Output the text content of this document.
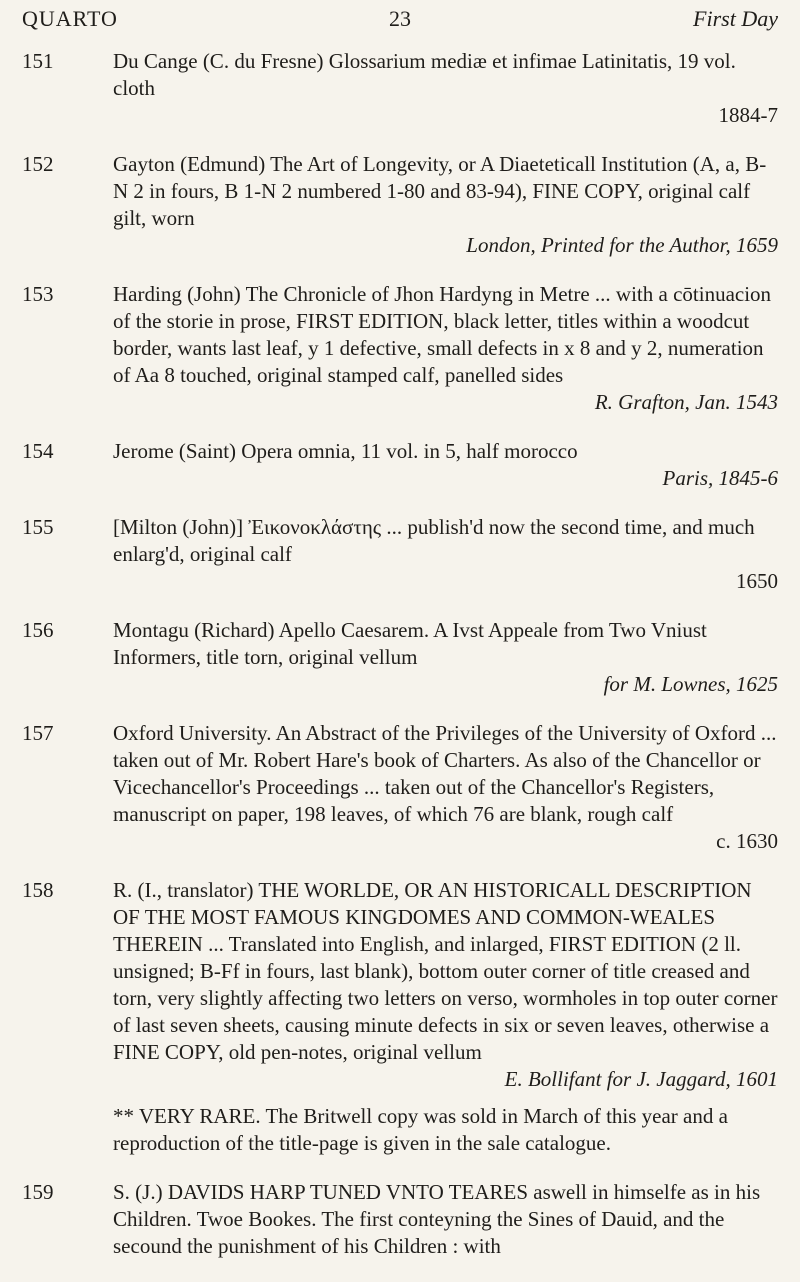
QUARTO	23	First Day
151	Du Cange (C. du Fresne) Glossarium mediæ et infimae Latinitatis, 19 vol. cloth
1884-7
152	Gayton (Edmund) The Art of Longevity, or A Diaeteticall Institution (A, a, B-N 2 in fours, B 1-N 2 numbered 1-80 and 83-94), FINE COPY, original calf gilt, worn
London, Printed for the Author, 1659
153	Harding (John) The Chronicle of Jhon Hardyng in Metre ... with a cōtinuacion of the storie in prose, FIRST EDITION, black letter, titles within a woodcut border, wants last leaf, y 1 defective, small defects in x 8 and y 2, numeration of Aa 8 touched, original stamped calf, panelled sides
R. Grafton, Jan. 1543
154	Jerome (Saint) Opera omnia, 11 vol. in 5, half morocco
Paris, 1845-6
155	[Milton (John)] Ἐικονοκλάστης ... publish'd now the second time, and much enlarg'd, original calf
1650
156	Montagu (Richard) Apello Caesarem. A Ivst Appeale from Two Vniust Informers, title torn, original vellum
for M. Lownes, 1625
157	Oxford University. An Abstract of the Privileges of the University of Oxford ... taken out of Mr. Robert Hare's book of Charters. As also of the Chancellor or Vicechancellor's Proceedings ... taken out of the Chancellor's Registers, manuscript on paper, 198 leaves, of which 76 are blank, rough calf
c. 1630
158	R. (I., translator) THE WORLDE, OR AN HISTORICALL DESCRIPTION OF THE MOST FAMOUS KINGDOMES AND COMMON-WEALES THEREIN ... Translated into English, and inlarged, FIRST EDITION (2 ll. unsigned; B-Ff in fours, last blank), bottom outer corner of title creased and torn, very slightly affecting two letters on verso, wormholes in top outer corner of last seven sheets, causing minute defects in six or seven leaves, otherwise a FINE COPY, old pen-notes, original vellum
E. Bollifant for J. Jaggard, 1601
** VERY RARE. The Britwell copy was sold in March of this year and a reproduction of the title-page is given in the sale catalogue.
159	S. (J.) DAVIDS HARP TUNED VNTO TEARES aswell in himselfe as in his Children. Twoe Bookes. The first conteyning the Sines of Dauid, and the secound the punishment of his Children : with
